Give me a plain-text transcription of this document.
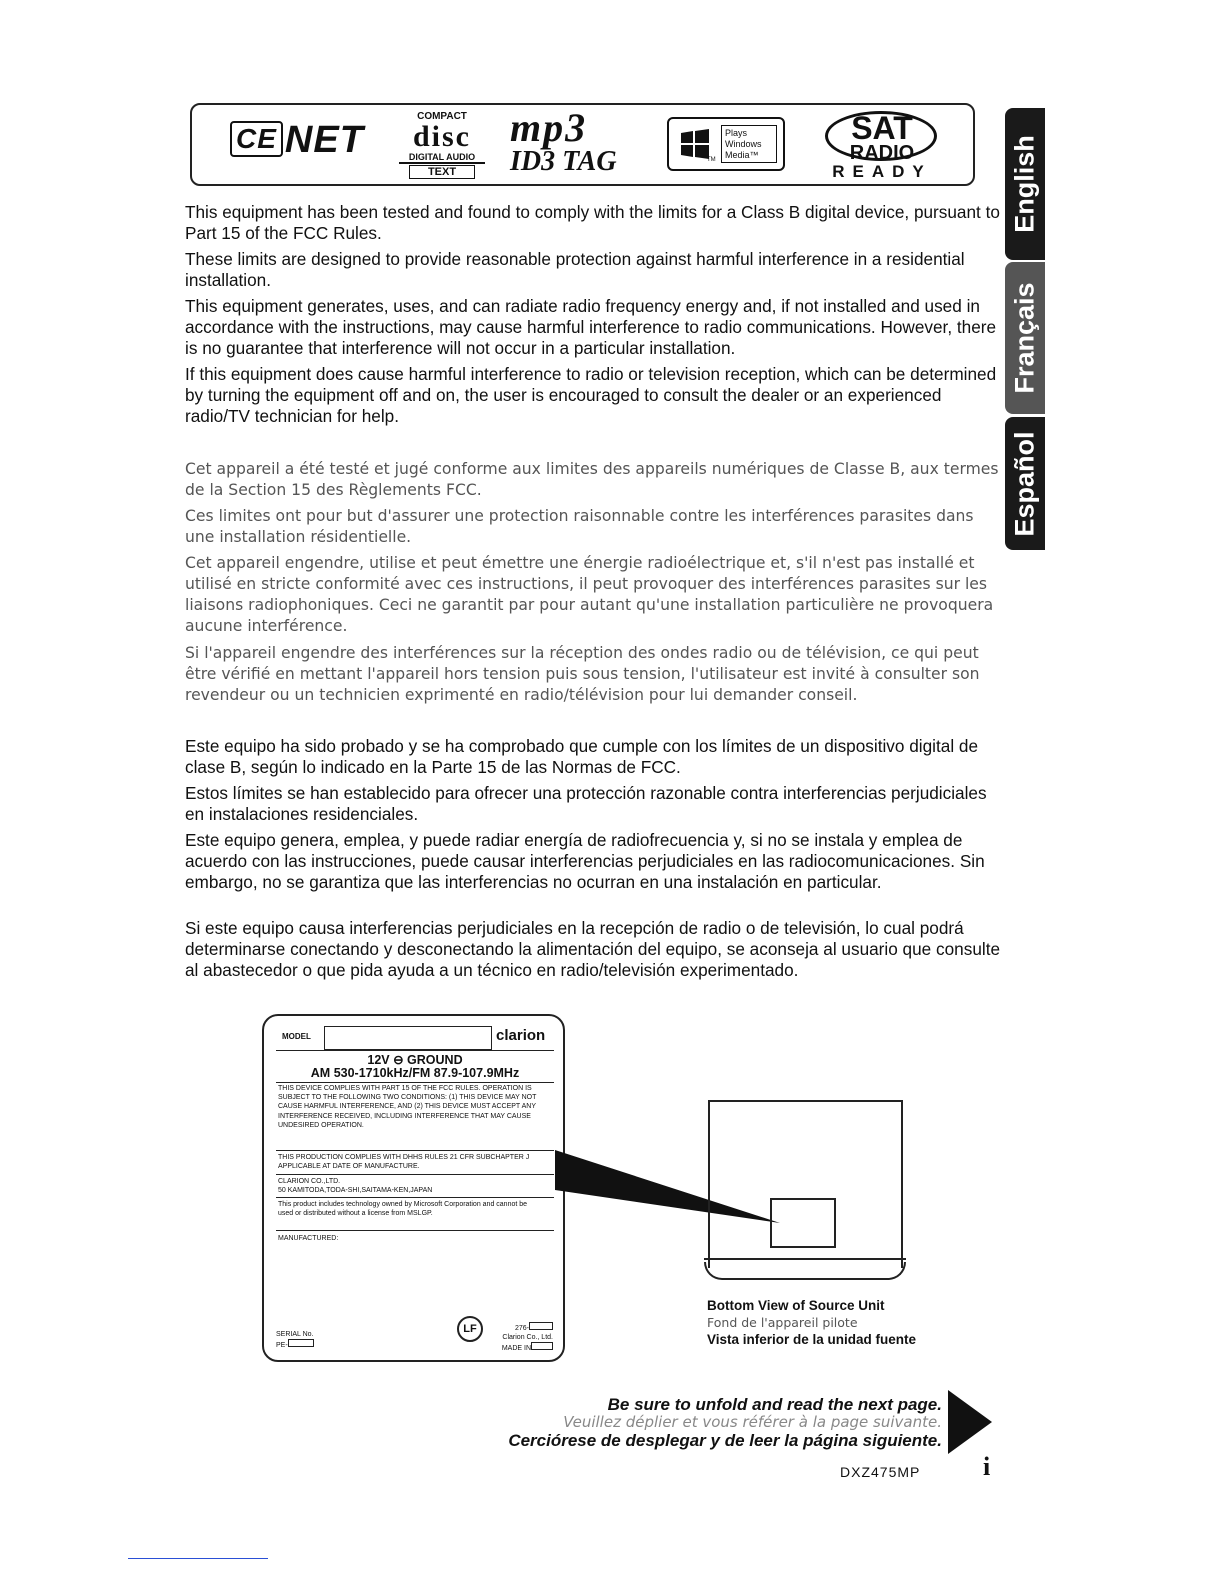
CE NET
COMPACT
disc
DIGITAL AUDIO
TEXT
mp3
ID3 TAG	TM
Plays
Windows
Media™
SAT
RADIO
READY	English
Français
Español

This equipment has been tested and found to comply with the limits for a Class B digital device, pursuant to Part 15 of the FCC Rules.

These limits are designed to provide reasonable protection against harmful interference in a residential installation.

This equipment generates, uses, and can radiate radio frequency energy and, if not installed and used in accordance with the instructions, may cause harmful interference to radio communications. However, there is no guarantee that interference will not occur in a particular installation.

If this equipment does cause harmful interference to radio or television reception, which can be determined by turning the equipment off and on, the user is encouraged to consult the dealer or an experienced radio/TV technician for help.

Cet appareil a été testé et jugé conforme aux limites des appareils numériques de Classe B, aux termes de la Section 15 des Règlements FCC.

Ces limites ont pour but d'assurer une protection raisonnable contre les interférences parasites dans une installation résidentielle.

Cet appareil engendre, utilise et peut émettre une énergie radioélectrique et, s'il n'est pas installé et utilisé en stricte conformité avec ces instructions, il peut provoquer des interférences parasites sur les liaisons radiophoniques. Ceci ne garantit par pour autant qu'une installation particulière ne provoquera aucune interférence.

Si l'appareil engendre des interférences sur la réception des ondes radio ou de télévision, ce qui peut être vérifié en mettant l'appareil hors tension puis sous tension, l'utilisateur est invité à consulter son revendeur ou un technicien exprimenté en radio/télévision pour lui demander conseil.

Este equipo ha sido probado y se ha comprobado que cumple con los límites de un dispositivo digital de clase B, según lo indicado en la Parte 15 de las Normas de FCC.

Estos límites se han establecido para ofrecer una protección razonable contra interferencias perjudiciales en instalaciones residenciales.

Este equipo genera, emplea, y puede radiar energía de radiofrecuencia y, si no se instala y emplea de acuerdo con las instrucciones, puede causar interferencias perjudiciales en las radiocomunicaciones. Sin embargo, no se garantiza que las interferencias no ocurran en una instalación en particular.

Si este equipo causa interferencias perjudiciales en la recepción de radio o de televisión, lo cual podrá determinarse conectando y desconectando la alimentación del equipo, se aconseja al usuario que consulte al abastecedor o que pida ayuda a un técnico en radio/televisión experimentado.

MODEL	clarion
12V ⊖ GROUND
AM 530-1710kHz/FM 87.9-107.9MHz
THIS DEVICE COMPLIES WITH PART 15 OF THE FCC RULES. OPERATION IS SUBJECT TO THE FOLLOWING TWO CONDITIONS: (1) THIS DEVICE MAY NOT CAUSE HARMFUL INTERFERENCE, AND (2) THIS DEVICE MUST ACCEPT ANY INTERFERENCE RECEIVED, INCLUDING INTERFERENCE THAT MAY CAUSE UNDESIRED OPERATION.
THIS PRODUCTION COMPLIES WITH DHHS RULES 21 CFR SUBCHAPTER J APPLICABLE AT DATE OF MANUFACTURE.
CLARION CO.,LTD.
50 KAMITODA,TODA-SHI,SAITAMA-KEN,JAPAN
This product includes technology owned by Microsoft Corporation and cannot be used or distributed without a license from MSLGP.
MANUFACTURED:
SERIAL No.
PE-
LF	276-
Clarion Co., Ltd.
MADE IN
Bottom View of Source Unit
Fond de l'appareil pilote
Vista inferior de la unidad fuente
Be sure to unfold and read the next page.
Veuillez déplier et vous référer à la page suivante.
Cerciórese de desplegar y de leer la página siguiente.
DXZ475MP i
